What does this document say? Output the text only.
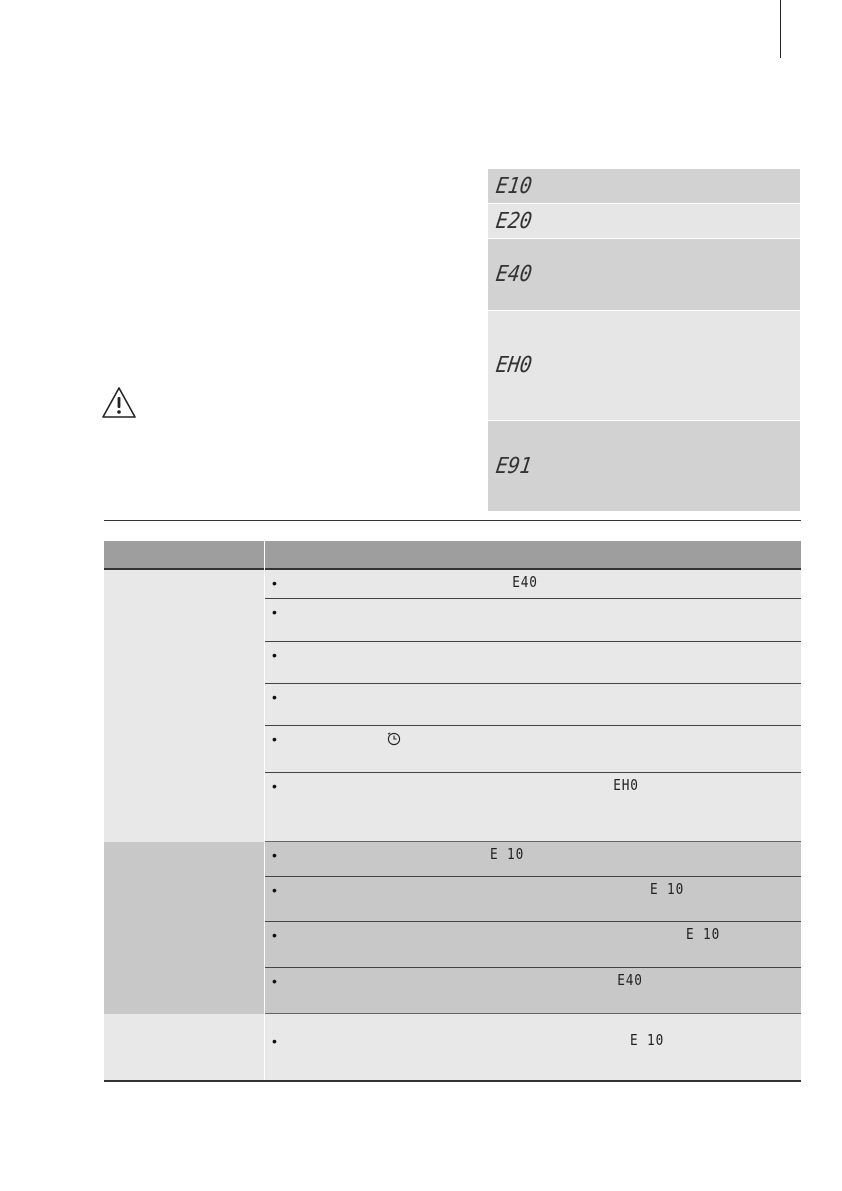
E10
E20
E40
EH0
E91
•	E40
•
•
•
•
•	EH0
•	E 10
•	E 10
•	E 10
•	E40
•	E 10
